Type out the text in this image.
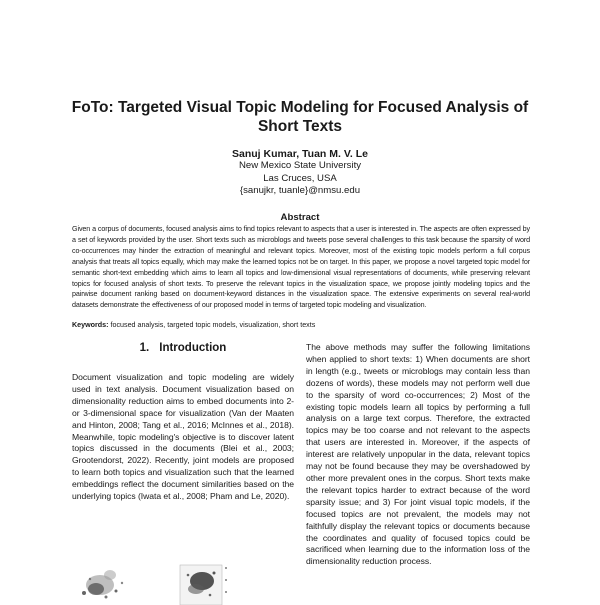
FoTo: Targeted Visual Topic Modeling for Focused Analysis of Short Texts
Sanuj Kumar, Tuan M. V. Le
New Mexico State University
Las Cruces, USA
{sanujkr, tuanle}@nmsu.edu
Abstract
Given a corpus of documents, focused analysis aims to find topics relevant to aspects that a user is interested in. The aspects are often expressed by a set of keywords provided by the user. Short texts such as microblogs and tweets pose several challenges to this task because the sparsity of word co-occurrences may hinder the extraction of meaningful and relevant topics. Moreover, most of the existing topic models perform a full corpus analysis that treats all topics equally, which may make the learned topics not be on target. In this paper, we propose a novel targeted topic model for semantic short-text embedding which aims to learn all topics and low-dimensional visual representations of documents, while preserving relevant topics for focused analysis of short texts. To preserve the relevant topics in the visualization space, we propose jointly modeling topics and the pairwise document ranking based on document-keyword distances in the visualization space. The extensive experiments on several real-world datasets demonstrate the effectiveness of our proposed model in terms of targeted topic modeling and visualization.
Keywords: focused analysis, targeted topic models, visualization, short texts
1. Introduction
Document visualization and topic modeling are widely used in text analysis. Document visualization based on dimensionality reduction aims to embed documents into 2- or 3-dimensional space for visualization (Van der Maaten and Hinton, 2008; Tang et al., 2016; McInnes et al., 2018). Meanwhile, topic modeling's objective is to discover latent topics discussed in the documents (Blei et al., 2003; Grootendorst, 2022). Recently, joint models are proposed to learn both topics and visualization such that the learned embeddings reflect the document similarities based on the underlying topics (Iwata et al., 2008; Pham and Le, 2020).
The above methods may suffer the following limitations when applied to short texts: 1) When documents are short in length (e.g., tweets or microblogs may contain less than dozens of words), these models may not perform well due to the sparsity of word co-occurrences; 2) Most of the existing topic models learn all topics by performing a full analysis on a large text corpus. Therefore, the extracted topics may be too coarse and not relevant to the aspects that users are interested in. Moreover, if the aspects of interest are relatively unpopular in the data, relevant topics may not be found because they may be overshadowed by other more prevalent ones in the corpus. Short texts make the relevant topics harder to extract because of the word sparsity issue; and 3) For joint visual topic models, if the focused topics are not prevalent, the models may not faithfully display the relevant topics or documents because the coordinates and quality of focused topics could be sacrificed when learning due to the information loss of the dimensionality reduction process.
